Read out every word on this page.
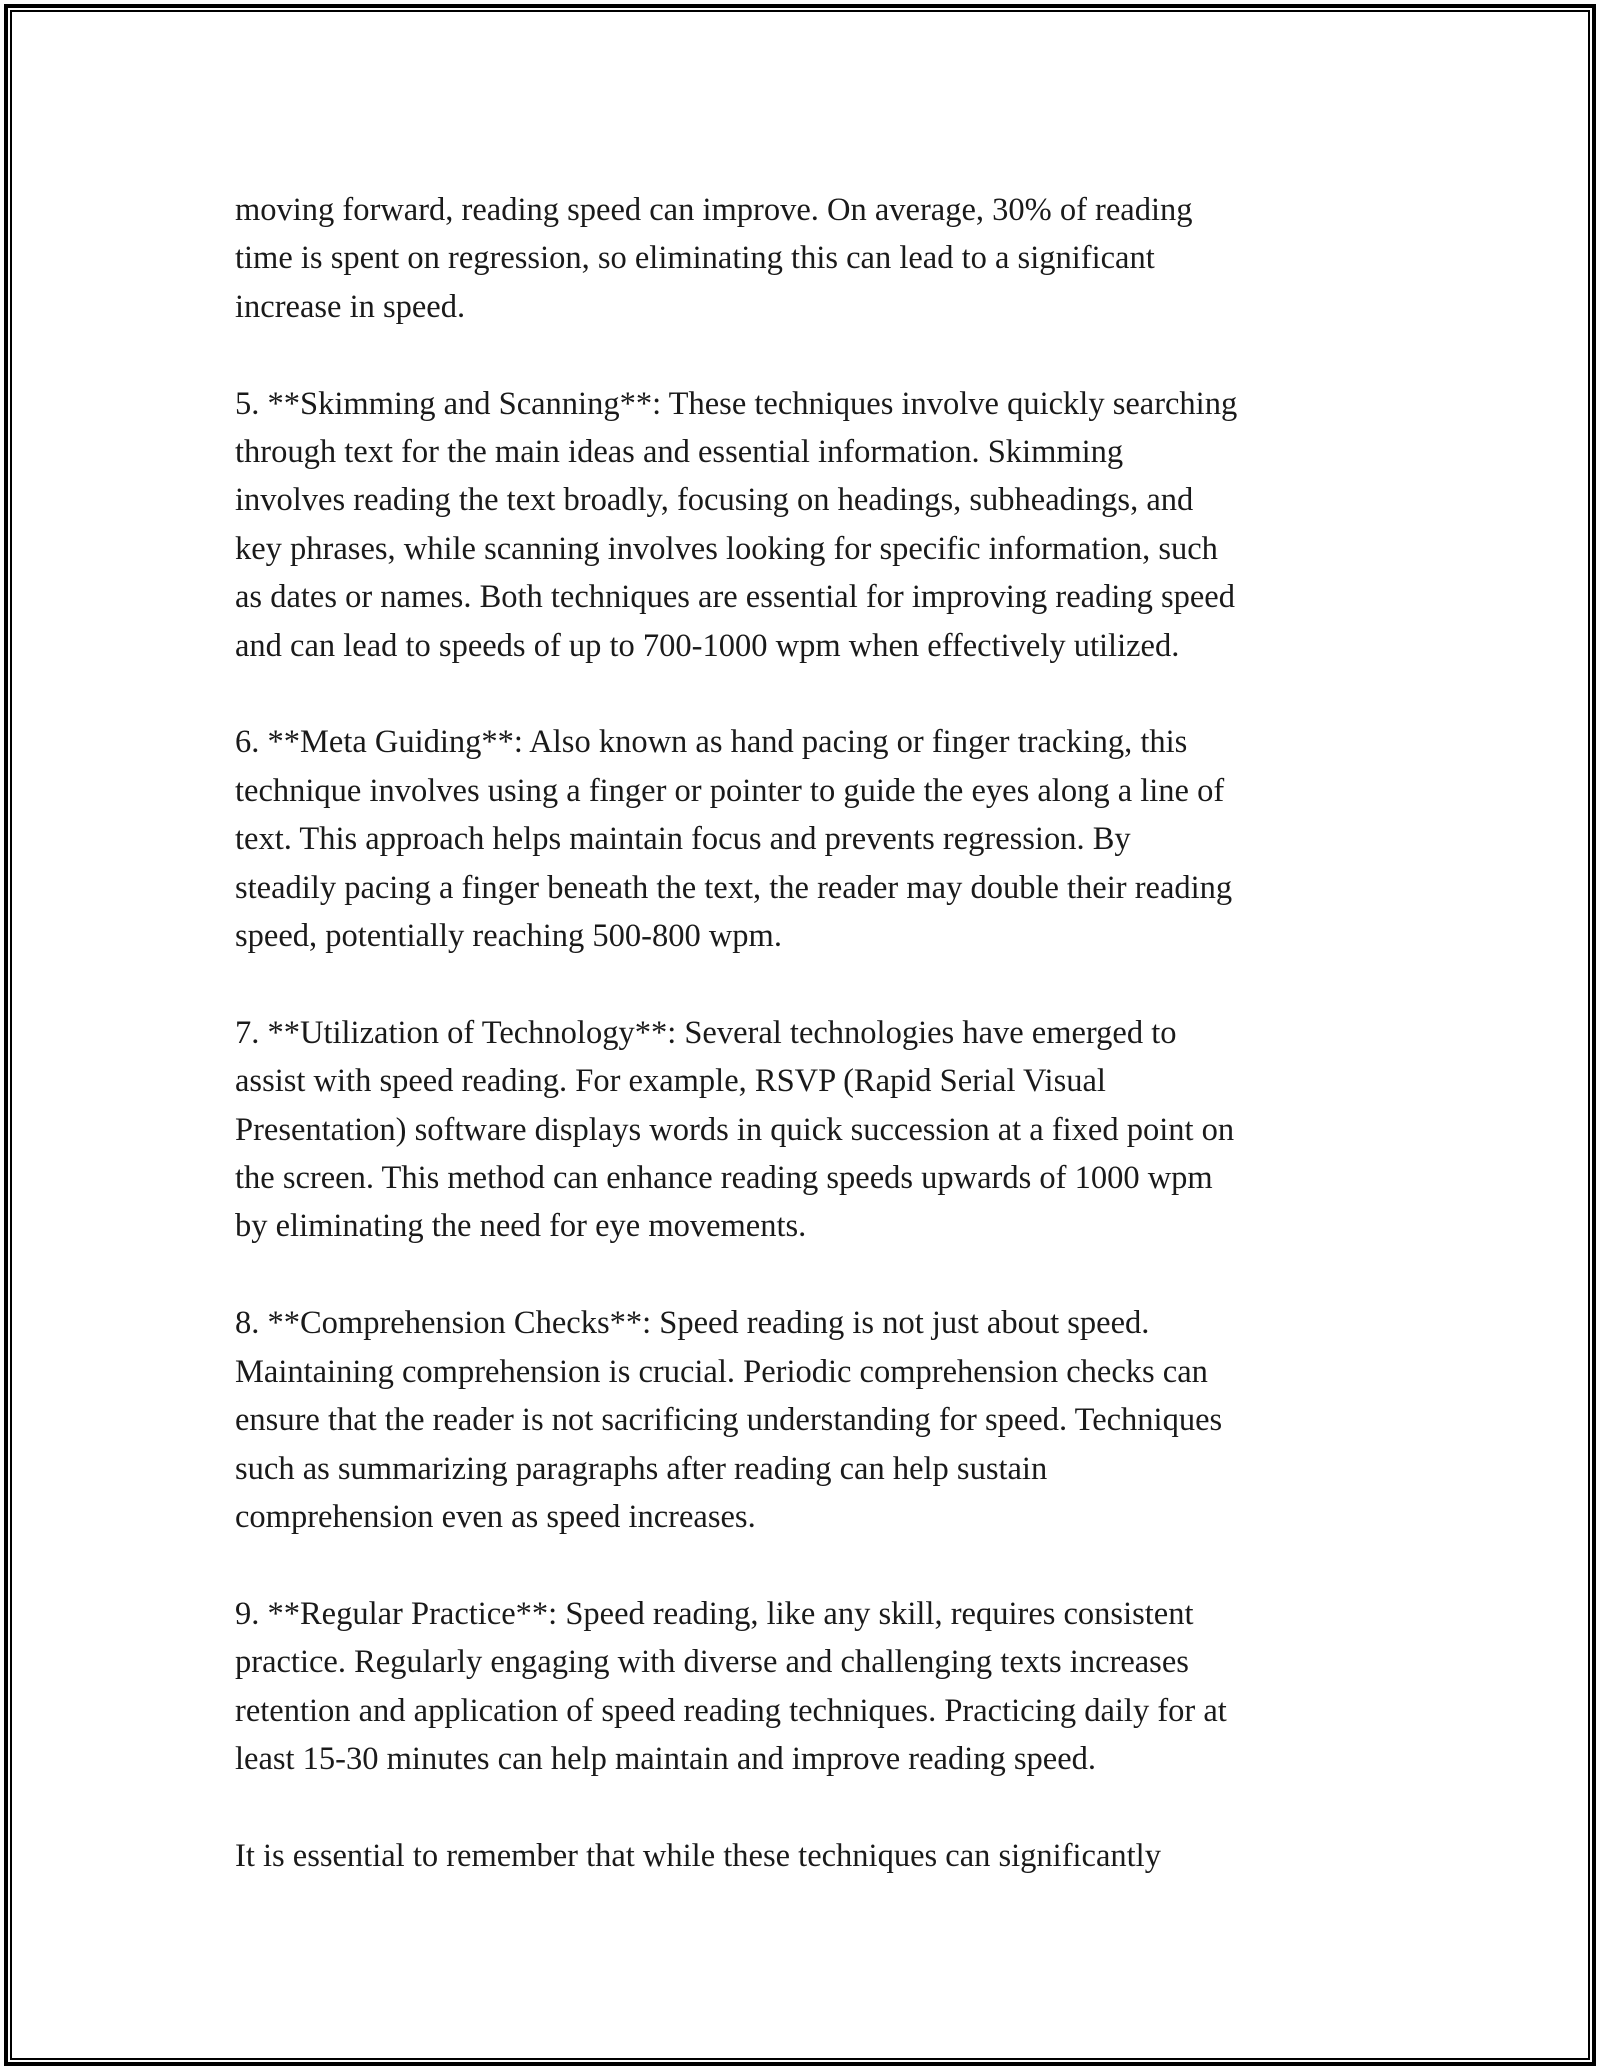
moving forward, reading speed can improve. On average, 30% of reading
time is spent on regression, so eliminating this can lead to a significant
increase in speed.

5. **Skimming and Scanning**: These techniques involve quickly searching
through text for the main ideas and essential information. Skimming
involves reading the text broadly, focusing on headings, subheadings, and
key phrases, while scanning involves looking for specific information, such
as dates or names. Both techniques are essential for improving reading speed
and can lead to speeds of up to 700-1000 wpm when effectively utilized.

6. **Meta Guiding**: Also known as hand pacing or finger tracking, this
technique involves using a finger or pointer to guide the eyes along a line of
text. This approach helps maintain focus and prevents regression. By
steadily pacing a finger beneath the text, the reader may double their reading
speed, potentially reaching 500-800 wpm.

7. **Utilization of Technology**: Several technologies have emerged to
assist with speed reading. For example, RSVP (Rapid Serial Visual
Presentation) software displays words in quick succession at a fixed point on
the screen. This method can enhance reading speeds upwards of 1000 wpm
by eliminating the need for eye movements.

8. **Comprehension Checks**: Speed reading is not just about speed.
Maintaining comprehension is crucial. Periodic comprehension checks can
ensure that the reader is not sacrificing understanding for speed. Techniques
such as summarizing paragraphs after reading can help sustain
comprehension even as speed increases.

9. **Regular Practice**: Speed reading, like any skill, requires consistent
practice. Regularly engaging with diverse and challenging texts increases
retention and application of speed reading techniques. Practicing daily for at
least 15-30 minutes can help maintain and improve reading speed.

It is essential to remember that while these techniques can significantly
